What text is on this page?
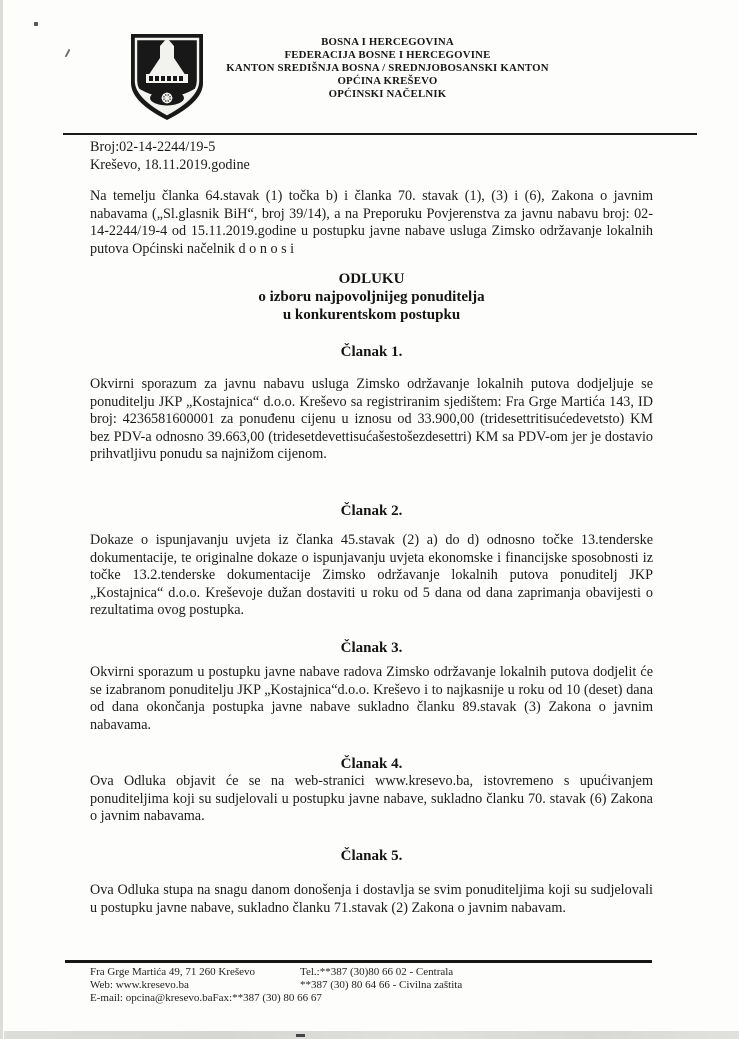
BOSNA I HERCEGOVINA
FEDERACIJA BOSNE I HERCEGOVINE
KANTON SREDIŠNJA BOSNA / SREDNJOBOSANSKI KANTON
OPĆINA KREŠEVO
OPĆINSKI NAČELNIK
Broj:02-14-2244/19-5
Kreševo, 18.11.2019.godine
Na temelju članka 64.stavak (1) točka b) i članka 70. stavak (1), (3) i (6), Zakona o javnim nabavama („Sl.glasnik BiH“, broj 39/14), a na Preporuku Povjerenstva za javnu nabavu broj: 02-14-2244/19-4 od 15.11.2019.godine u postupku javne nabave usluga Zimsko održavanje lokalnih putova Općinski načelnik d o n o s i
ODLUKU
o izboru najpovoljnijeg ponuditelja
u konkurentskom postupku
Članak 1.
Okvirni sporazum za javnu nabavu usluga Zimsko održavanje lokalnih putova dodjeljuje se ponuditelju JKP „Kostajnica“ d.o.o. Kreševo sa registriranim sjedištem: Fra Grge Martića 143, ID broj: 4236581600001 za ponuđenu cijenu u iznosu od 33.900,00 (tridesettritisućedevetsto) KM bez PDV-a odnosno 39.663,00 (tridesetdevettisućašestošezdesettri) KM sa PDV-om jer je dostavio prihvatljivu ponudu sa najnižom cijenom.
Članak 2.
Dokaze o ispunjavanju uvjeta iz članka 45.stavak (2) a) do d) odnosno točke 13.tenderske dokumentacije, te originalne dokaze o ispunjavanju uvjeta ekonomske i financijske sposobnosti iz točke 13.2.tenderske dokumentacije Zimsko održavanje lokalnih putova ponuditelj JKP „Kostajnica“ d.o.o. Kreševoje dužan dostaviti u roku od 5 dana od dana zaprimanja obavijesti o rezultatima ovog postupka.
Članak 3.
Okvirni sporazum u postupku javne nabave radova Zimsko održavanje lokalnih putova dodjelit će se izabranom ponuditelju JKP „Kostajnica“d.o.o. Kreševo i to najkasnije u roku od 10 (deset) dana od dana okončanja postupka javne nabave sukladno članku 89.stavak (3) Zakona o javnim nabavama.
Članak 4.
Ova Odluka objavit će se na web-stranici www.kresevo.ba, istovremeno s upućivanjem ponuditeljima koji su sudjelovali u postupku javne nabave, sukladno članku 70. stavak (6) Zakona o javnim nabavama.
Članak 5.
Ova Odluka stupa na snagu danom donošenja i dostavlja se svim ponuditeljima koji su sudjelovali u postupku javne nabave, sukladno članku 71.stavak (2) Zakona o javnim nabavam.
Fra Grge Martića 49, 71 260 Kreševo	Tel.:**387 (30)80 66 02 - Centrala
Web: www.kresevo.ba	**387 (30) 80 64 66 - Civilna zaštita
E-mail: opcina@kresevo.baFax:**387 (30) 80 66 67
